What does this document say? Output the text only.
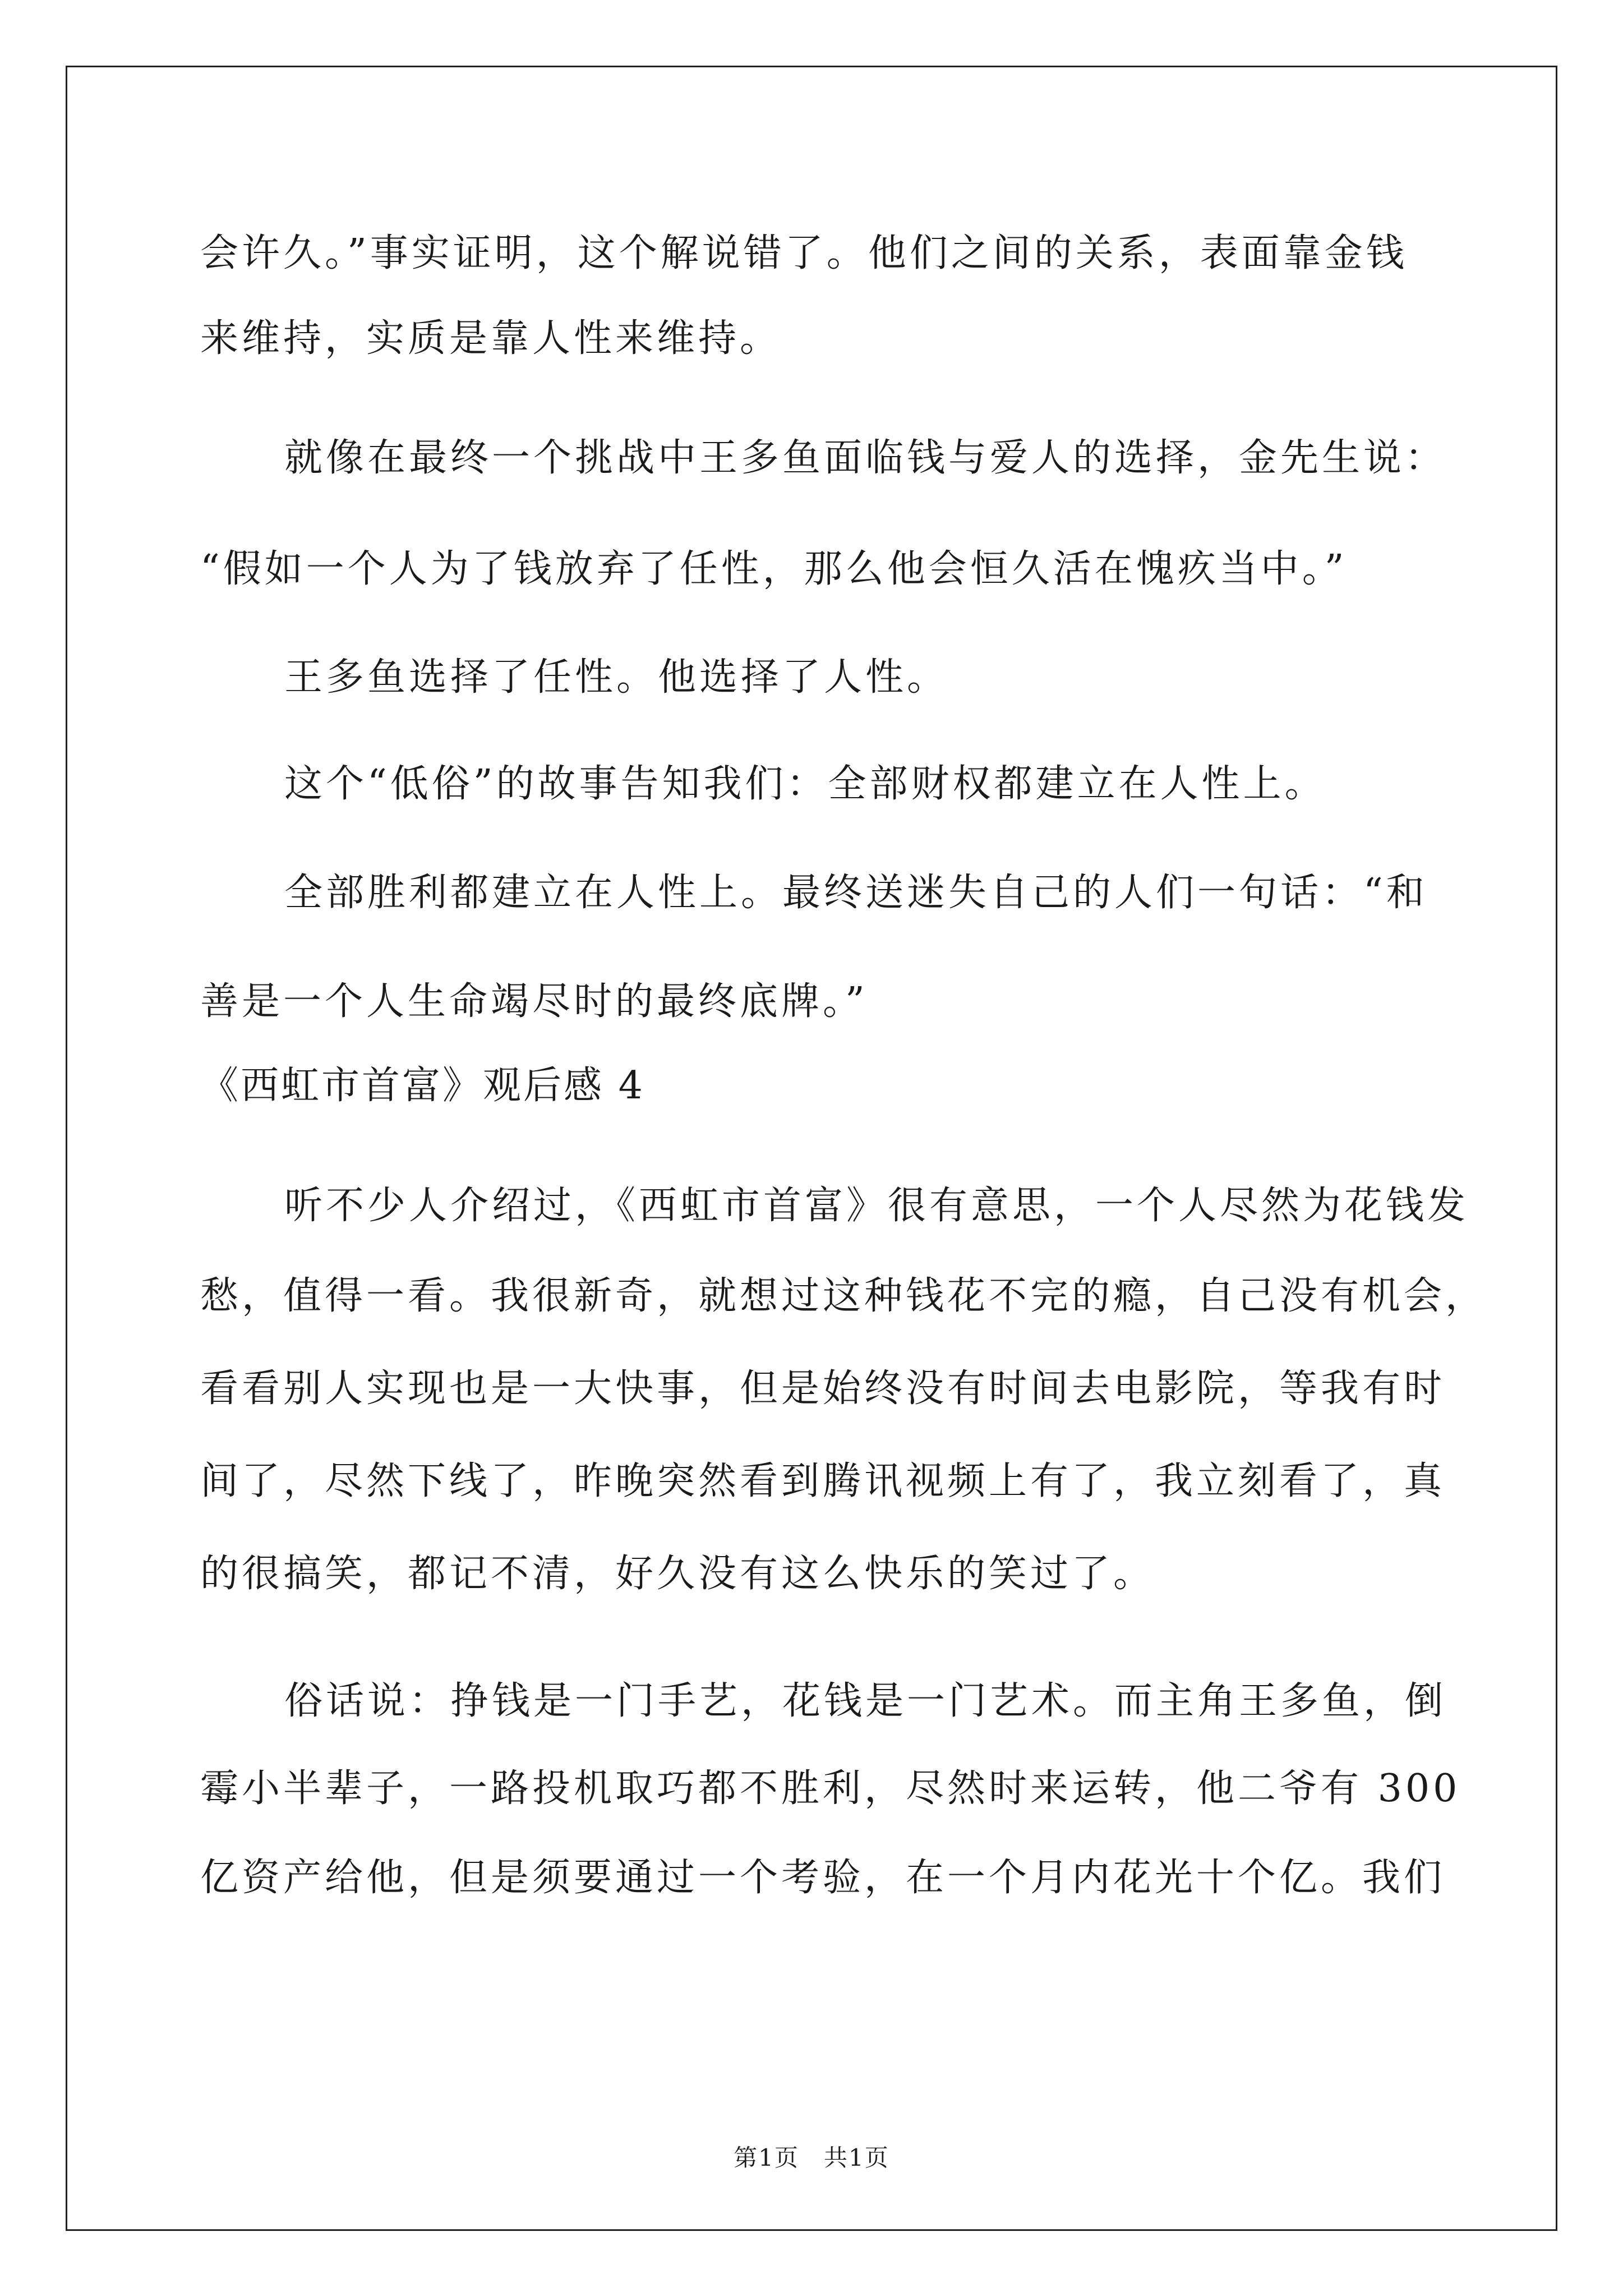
会许久。”事实证明，这个解说错了。他们之间的关系，表面靠金钱
来维持，实质是靠人性来维持。
就像在最终一个挑战中王多鱼面临钱与爱人的选择，金先生说：
“假如一个人为了钱放弃了任性，那么他会恒久活在愧疚当中。”
王多鱼选择了任性。他选择了人性。
这个“低俗”的故事告知我们：全部财权都建立在人性上。
全部胜利都建立在人性上。最终送迷失自己的人们一句话：“和
善是一个人生命竭尽时的最终底牌。”
《西虹市首富》观后感 4
听不少人介绍过，《西虹市首富》很有意思，一个人尽然为花钱发
愁，值得一看。我很新奇，就想过这种钱花不完的瘾，自己没有机会，
看看别人实现也是一大快事，但是始终没有时间去电影院，等我有时
间了，尽然下线了，昨晚突然看到腾讯视频上有了，我立刻看了，真
的很搞笑，都记不清，好久没有这么快乐的笑过了。
俗话说：挣钱是一门手艺，花钱是一门艺术。而主角王多鱼，倒
霉小半辈子，一路投机取巧都不胜利，尽然时来运转，他二爷有 300
亿资产给他，但是须要通过一个考验，在一个月内花光十个亿。我们
第1页　共1页
